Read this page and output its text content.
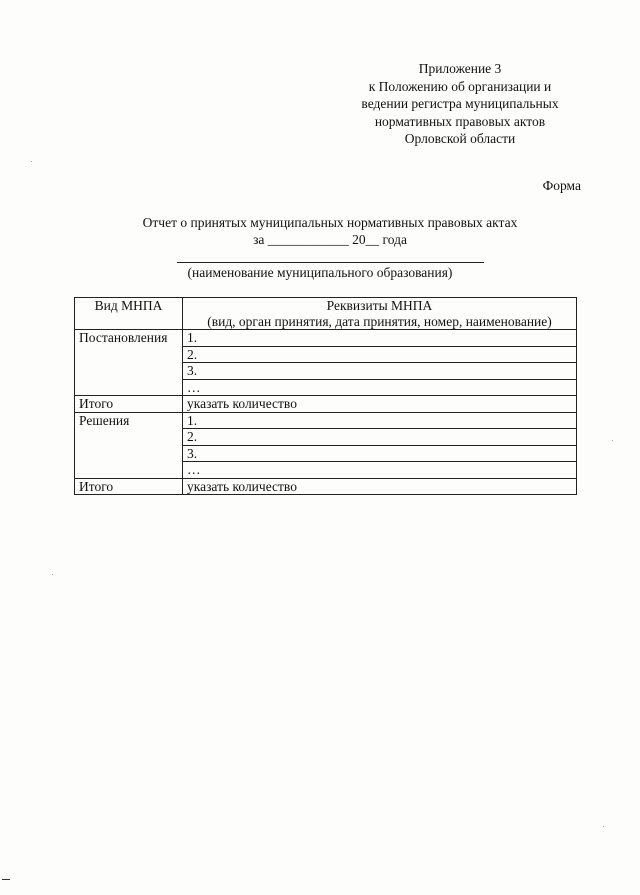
Приложение 3
к Положению об организации и
ведении регистра муниципальных
нормативных правовых актов
Орловской области
Форма
Отчет о принятых муниципальных нормативных правовых актах
за ____________ 20__ года
(наименование муниципального образования)
Вид МНПА	Реквизиты МНПА
(вид, орган принятия, дата принятия, номер, наименование)

Постановления	1.
	2.
	3.
	…
Итого	указать количество
Решения	1.
	2.
	3.
	…
Итого	указать количество
